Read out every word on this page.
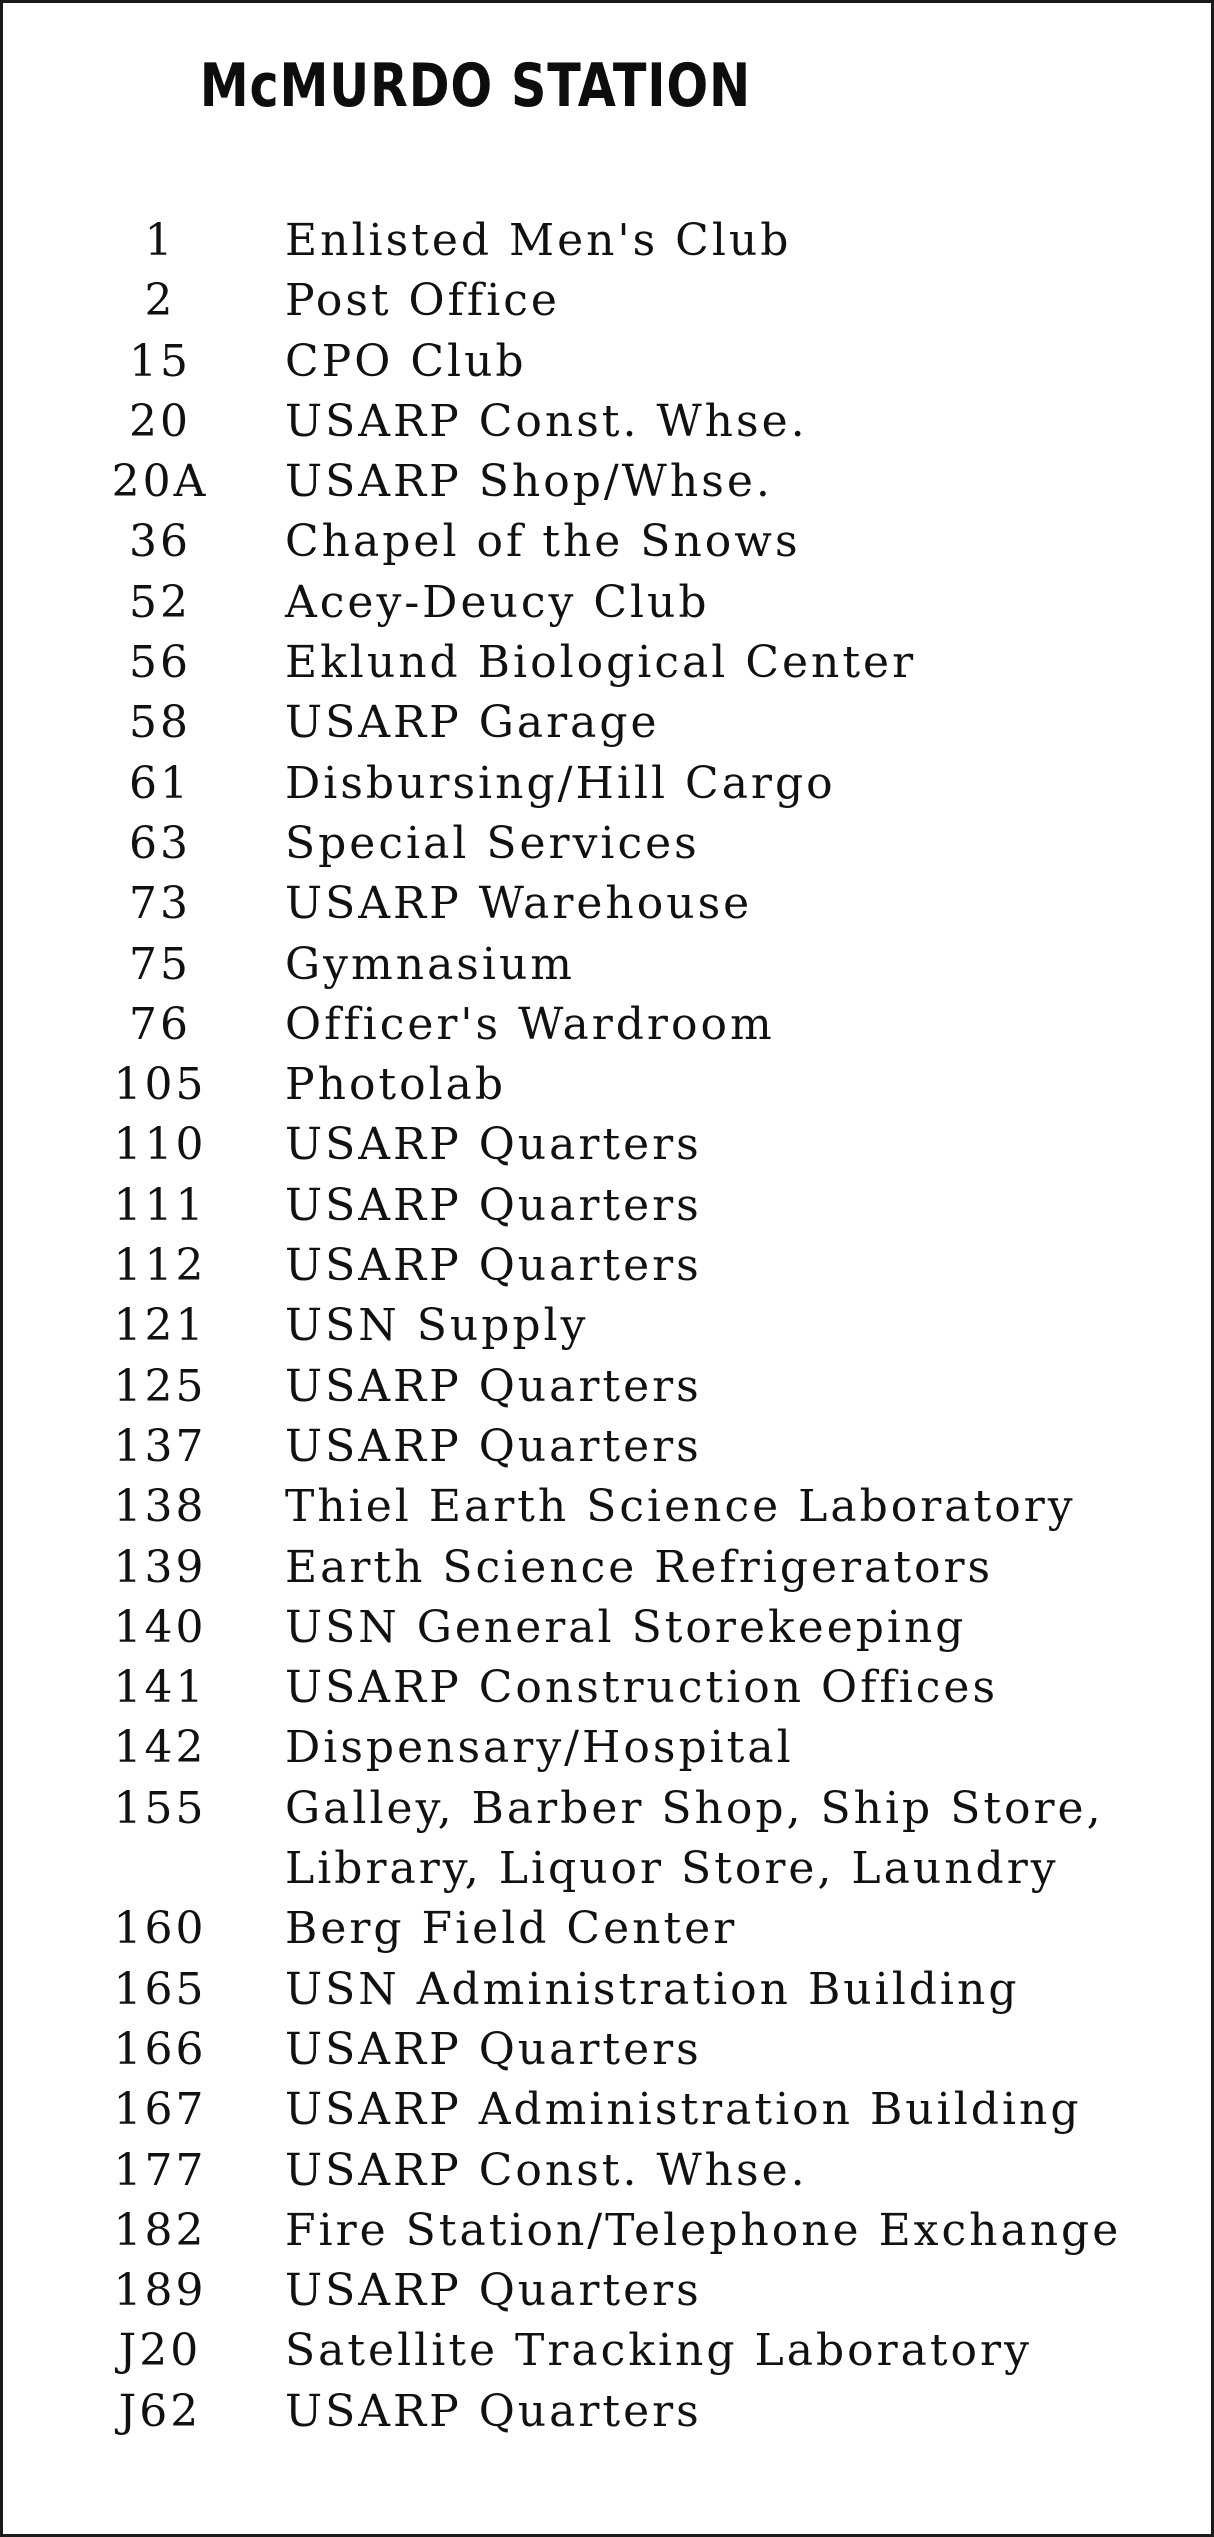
McMURDO STATION
1	Enlisted Men's Club
2	Post Office
15	CPO Club
20	USARP Const. Whse.
20A	USARP Shop/Whse.
36	Chapel of the Snows
52	Acey-Deucy Club
56	Eklund Biological Center
58	USARP Garage
61	Disbursing/Hill Cargo
63	Special Services
73	USARP Warehouse
75	Gymnasium
76	Officer's Wardroom
105	Photolab
110	USARP Quarters
111	USARP Quarters
112	USARP Quarters
121	USN Supply
125	USARP Quarters
137	USARP Quarters
138	Thiel Earth Science Laboratory
139	Earth Science Refrigerators
140	USN General Storekeeping
141	USARP Construction Offices
142	Dispensary/Hospital
155	Galley, Barber Shop, Ship Store,
Library, Liquor Store, Laundry
160	Berg Field Center
165	USN Administration Building
166	USARP Quarters
167	USARP Administration Building
177	USARP Const. Whse.
182	Fire Station/Telephone Exchange
189	USARP Quarters
J20	Satellite Tracking Laboratory
J62	USARP Quarters
